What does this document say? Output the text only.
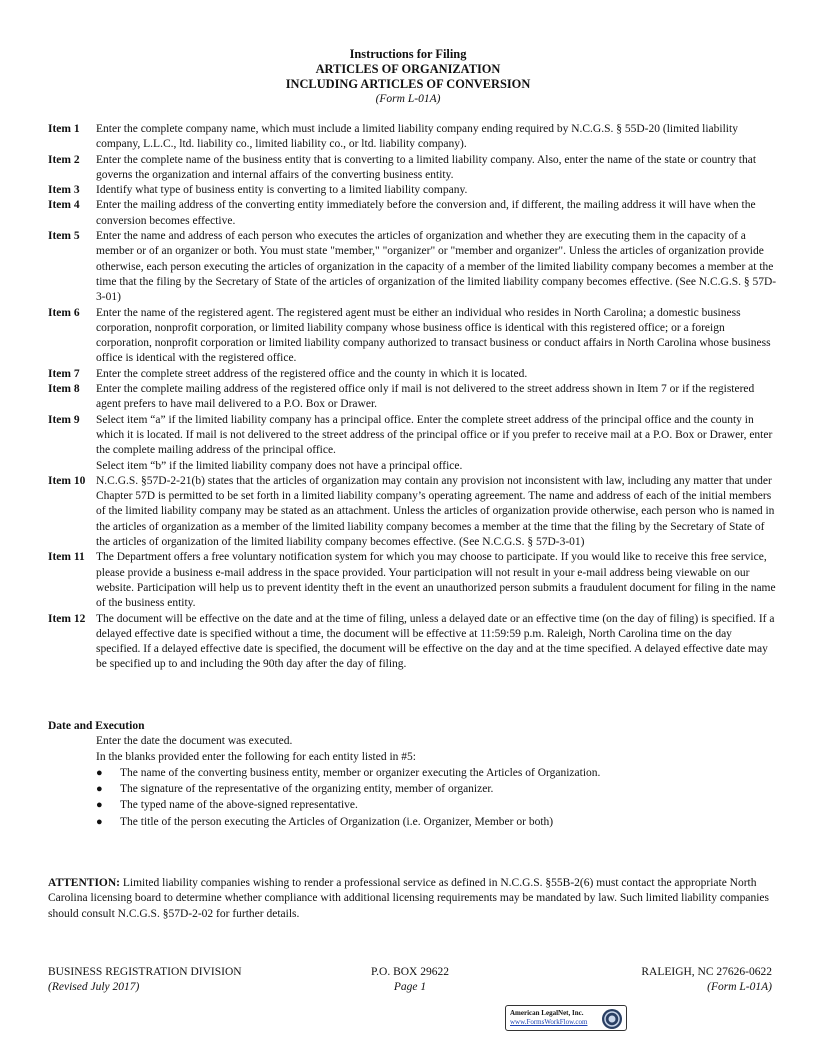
Instructions for Filing
ARTICLES OF ORGANIZATION
INCLUDING ARTICLES OF CONVERSION
(Form L-01A)
Item 1	Enter the complete company name, which must include a limited liability company ending required by N.C.G.S. § 55D-20 (limited liability company, L.L.C., ltd. liability co., limited liability co., or ltd. liability company).
Item 2	Enter the complete name of the business entity that is converting to a limited liability company. Also, enter the name of the state or country that governs the organization and internal affairs of the converting business entity.
Item 3	Identify what type of business entity is converting to a limited liability company.
Item 4	Enter the mailing address of the converting entity immediately before the conversion and, if different, the mailing address it will have when the conversion becomes effective.
Item 5	Enter the name and address of each person who executes the articles of organization and whether they are executing them in the capacity of a member or of an organizer or both. You must state "member," "organizer" or "member and organizer". Unless the articles of organization provide otherwise, each person executing the articles of organization in the capacity of a member of the limited liability company becomes a member at the time that the filing by the Secretary of State of the articles of organization of the limited liability company becomes effective. (See N.C.G.S. § 57D-3-01)
Item 6	Enter the name of the registered agent. The registered agent must be either an individual who resides in North Carolina; a domestic business corporation, nonprofit corporation, or limited liability company whose business office is identical with this registered office; or a foreign corporation, nonprofit corporation or limited liability company authorized to transact business or conduct affairs in North Carolina whose business office is identical with the registered office.
Item 7	Enter the complete street address of the registered office and the county in which it is located.
Item 8	Enter the complete mailing address of the registered office only if mail is not delivered to the street address shown in Item 7 or if the registered agent prefers to have mail delivered to a P.O. Box or Drawer.
Item 9	Select item “a” if the limited liability company has a principal office. Enter the complete street address of the principal office and the county in which it is located. If mail is not delivered to the street address of the principal office or if you prefer to receive mail at a P.O. Box or Drawer, enter the complete mailing address of the principal office.
Select item “b” if the limited liability company does not have a principal office.
Item 10 N.C.G.S. §57D-2-21(b) states that the articles of organization may contain any provision not inconsistent with law, including any matter that under Chapter 57D is permitted to be set forth in a limited liability company’s operating agreement. The name and address of each of the initial members of the limited liability company may be stated as an attachment. Unless the articles of organization provide otherwise, each person who is named in the articles of organization as a member of the limited liability company becomes a member at the time that the filing by the Secretary of State of the articles of organization of the limited liability company becomes effective. (See N.C.G.S. § 57D-3-01)
Item 11 The Department offers a free voluntary notification system for which you may choose to participate. If you would like to receive this free service, please provide a business e-mail address in the space provided. Your participation will not result in your e-mail address being viewable on our website. Participation will help us to prevent identity theft in the event an unauthorized person submits a fraudulent document for filing in the name of the business entity.
Item 12 The document will be effective on the date and at the time of filing, unless a delayed date or an effective time (on the day of filing) is specified. If a delayed effective date is specified without a time, the document will be effective at 11:59:59 p.m. Raleigh, North Carolina time on the day specified. If a delayed effective date is specified, the document will be effective on the day and at the time specified. A delayed effective date may be specified up to and including the 90th day after the day of filing.
Date and Execution
Enter the date the document was executed.
In the blanks provided enter the following for each entity listed in #5:
●	The name of the converting business entity, member or organizer executing the Articles of Organization.
●	The signature of the representative of the organizing entity, member of organizer.
●	The typed name of the above-signed representative.
●	The title of the person executing the Articles of Organization (i.e. Organizer, Member or both)
ATTENTION: Limited liability companies wishing to render a professional service as defined in N.C.G.S. §55B-2(6) must contact the appropriate North Carolina licensing board to determine whether compliance with additional licensing requirements may be mandated by law. Such limited liability companies should consult N.C.G.S. §57D-2-02 for further details.
BUSINESS REGISTRATION DIVISION	P.O. BOX 29622	RALEIGH, NC 27626-0622
(Revised July 2017)	Page 1	(Form L-01A)
American LegalNet, Inc.
www.FormsWorkFlow.com
